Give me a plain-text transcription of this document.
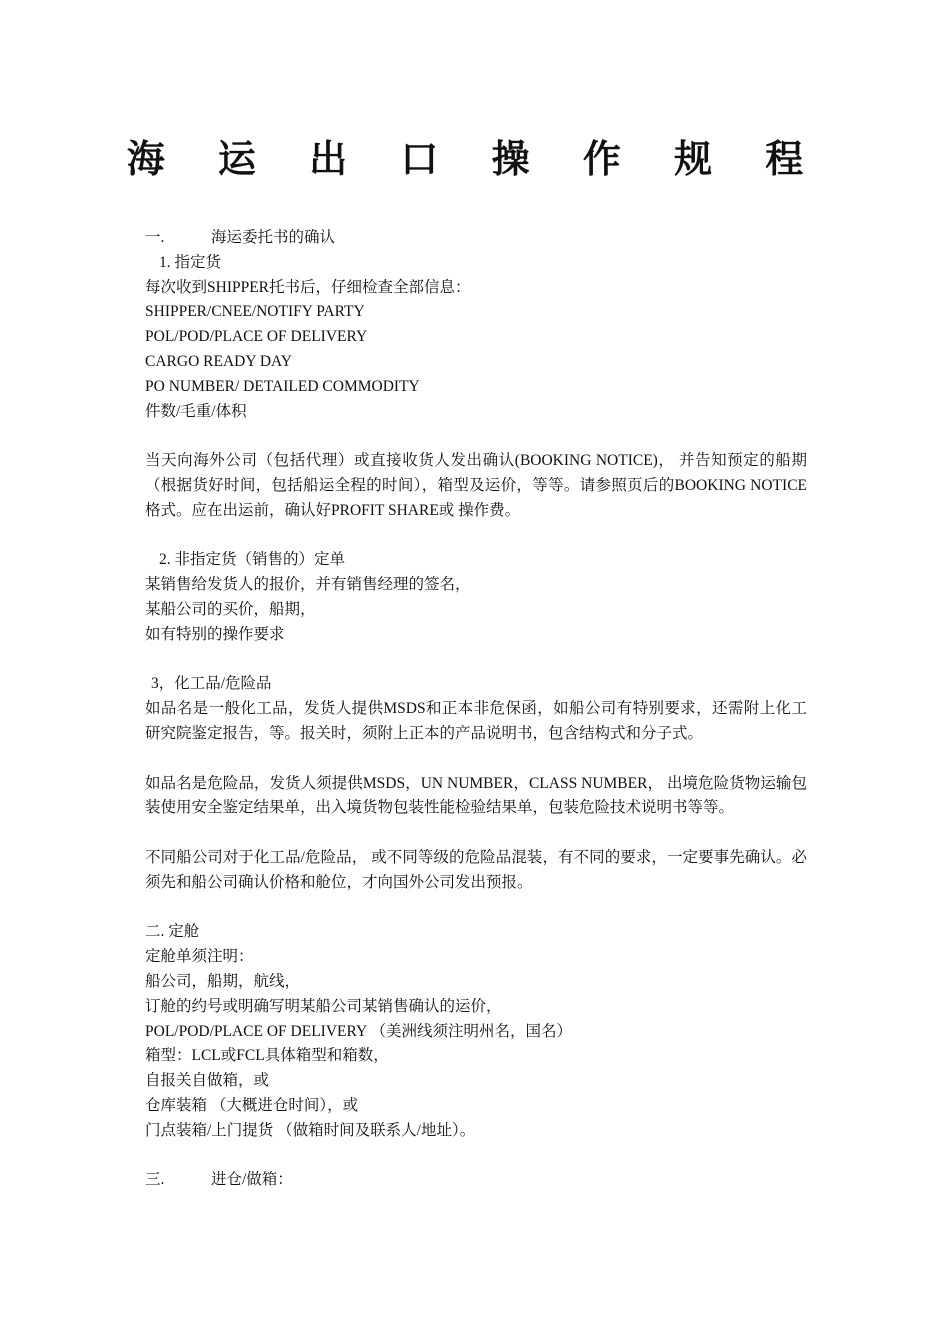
海 运 出 口 操 作 规 程
一.	海运委托书的确认
1. 指定货
每次收到SHIPPER托书后，仔细检查全部信息：
SHIPPER/CNEE/NOTIFY PARTY
POL/POD/PLACE OF DELIVERY
CARGO READY DAY
PO NUMBER/ DETAILED COMMODITY
件数/毛重/体积
当天向海外公司（包括代理）或直接收货人发出确认(BOOKING NOTICE)， 并告知预定的船期（根据货好时间，包括船运全程的时间），箱型及运价，等等。请参照页后的BOOKING NOTICE格式。应在出运前，确认好PROFIT SHARE或 操作费。
2. 非指定货（销售的）定单
某销售给发货人的报价，并有销售经理的签名，
某船公司的买价，船期，
如有特别的操作要求
3，化工品/危险品
如品名是一般化工品，发货人提供MSDS和正本非危保函，如船公司有特别要求，还需附上化工研究院鉴定报告，等。报关时，须附上正本的产品说明书，包含结构式和分子式。
如品名是危险品，发货人须提供MSDS，UN NUMBER，CLASS NUMBER， 出境危险货物运输包装使用安全鉴定结果单，出入境货物包装性能检验结果单，包装危险技术说明书等等。
不同船公司对于化工品/危险品， 或不同等级的危险品混装，有不同的要求，一定要事先确认。必须先和船公司确认价格和舱位，才向国外公司发出预报。
二. 定舱
定舱单须注明：
船公司，船期，航线，
订舱的约号或明确写明某船公司某销售确认的运价，
POL/POD/PLACE OF DELIVERY （美洲线须注明州名，国名）
箱型：LCL或FCL具体箱型和箱数，
自报关自做箱，或
仓库装箱 （大概进仓时间），或
门点装箱/上门提货 （做箱时间及联系人/地址）。
三.	进仓/做箱：
